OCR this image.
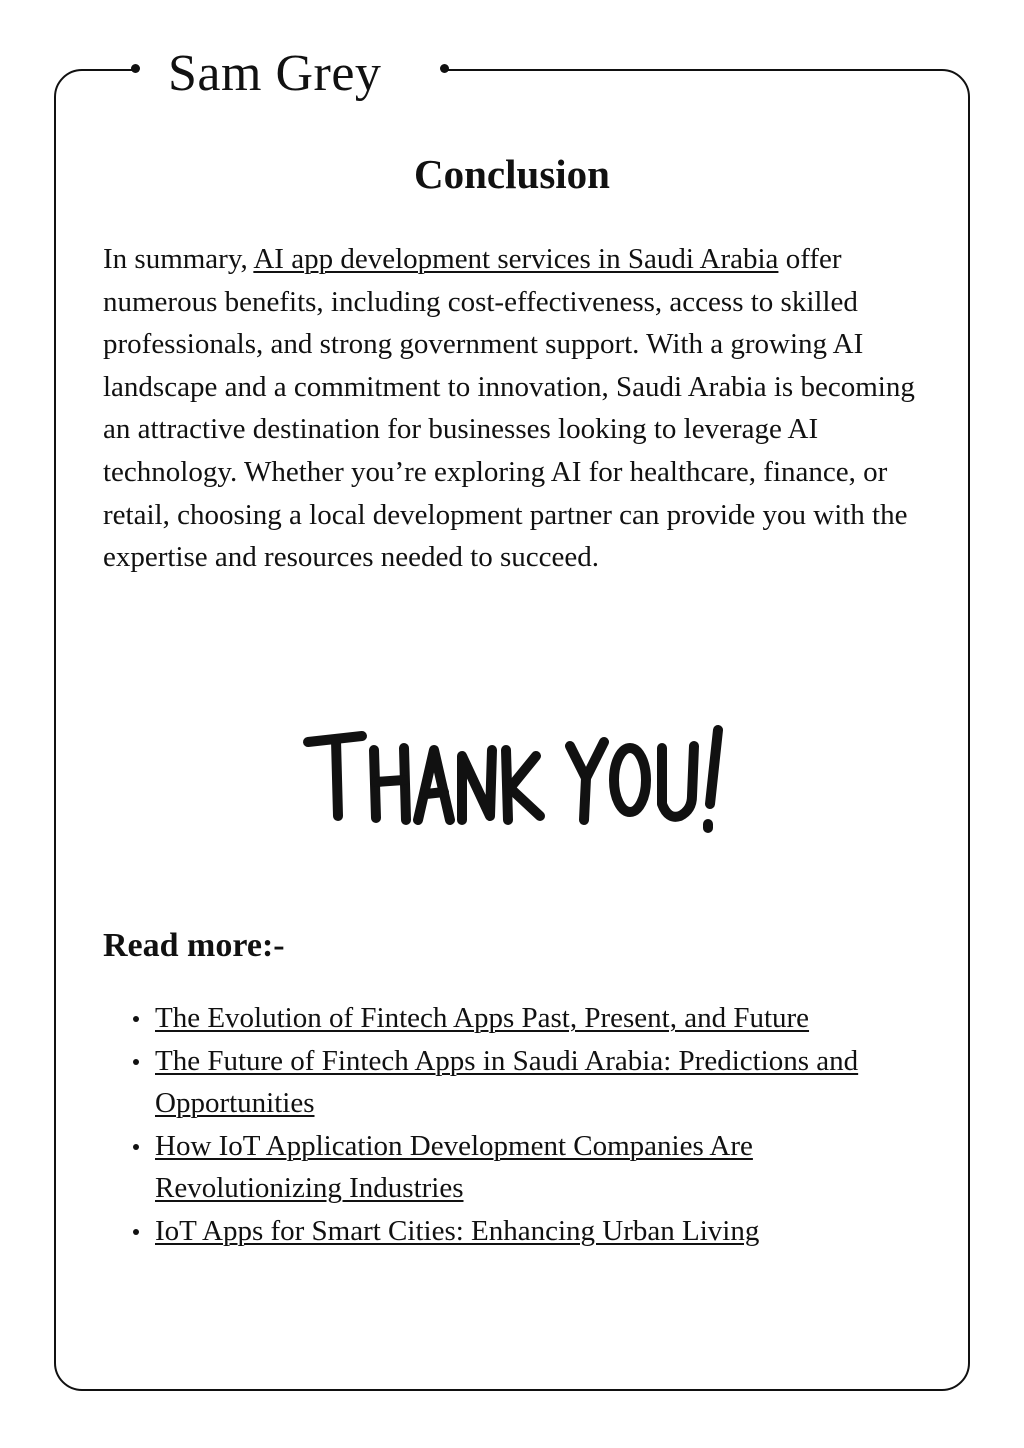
Sam Grey
Conclusion

In summary, AI app development services in Saudi Arabia offer numerous benefits, including cost-effectiveness, access to skilled professionals, and strong government support. With a growing AI landscape and a commitment to innovation, Saudi Arabia is becoming an attractive destination for businesses looking to leverage AI technology. Whether you’re exploring AI for healthcare, finance, or retail, choosing a local development partner can provide you with the expertise and resources needed to succeed.

Read more:-
The Evolution of Fintech Apps Past, Present, and Future
The Future of Fintech Apps in Saudi Arabia: Predictions and Opportunities
How IoT Application Development Companies Are Revolutionizing Industries
IoT Apps for Smart Cities: Enhancing Urban Living
